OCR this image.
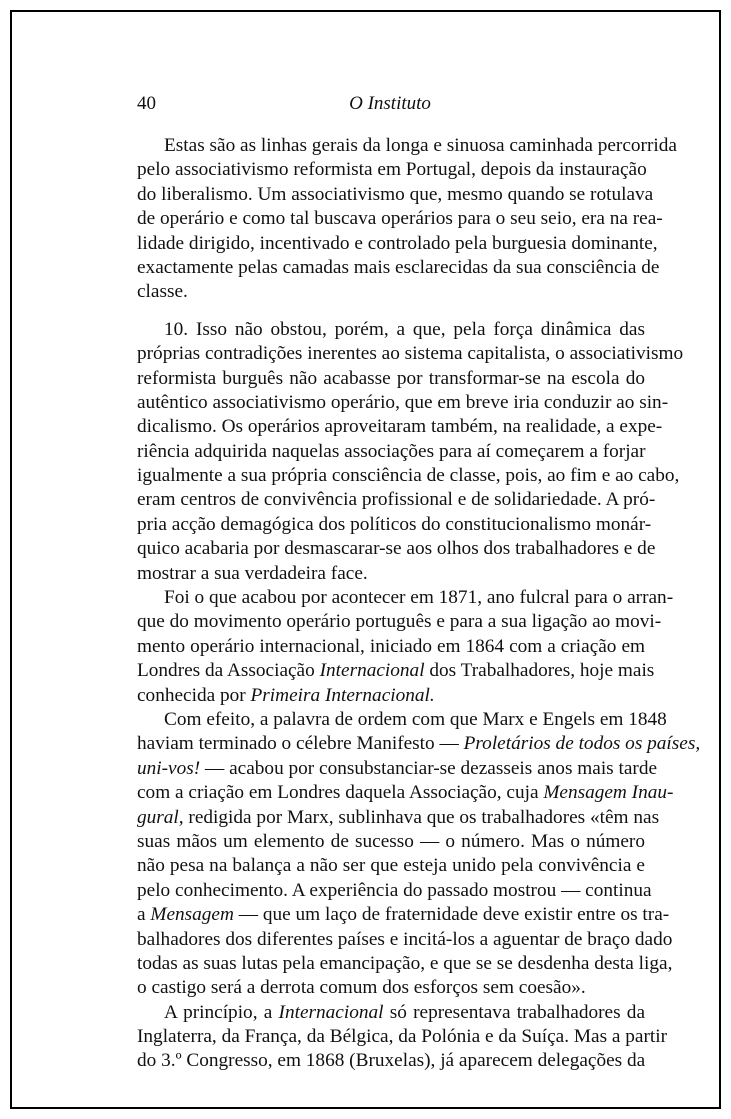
40	O Instituto
Estas são as linhas gerais da longa e sinuosa caminhada percorrida
pelo associativismo reformista em Portugal, depois da instauração
do liberalismo. Um associativismo que, mesmo quando se rotulava
de operário e como tal buscava operários para o seu seio, era na rea-
lidade dirigido, incentivado e controlado pela burguesia dominante,
exactamente pelas camadas mais esclarecidas da sua consciência de
classe.
10. Isso não obstou, porém, a que, pela força dinâmica das
próprias contradições inerentes ao sistema capitalista, o associativismo
reformista burguês não acabasse por transformar-se na escola do
autêntico associativismo operário, que em breve iria conduzir ao sin-
dicalismo. Os operários aproveitaram também, na realidade, a expe-
riência adquirida naquelas associações para aí começarem a forjar
igualmente a sua própria consciência de classe, pois, ao fim e ao cabo,
eram centros de convivência profissional e de solidariedade. A pró-
pria acção demagógica dos políticos do constitucionalismo monár-
quico acabaria por desmascarar-se aos olhos dos trabalhadores e de
mostrar a sua verdadeira face.
Foi o que acabou por acontecer em 1871, ano fulcral para o arran-
que do movimento operário português e para a sua ligação ao movi-
mento operário internacional, iniciado em 1864 com a criação em
Londres da Associação Internacional dos Trabalhadores, hoje mais
conhecida por Primeira Internacional.
Com efeito, a palavra de ordem com que Marx e Engels em 1848
haviam terminado o célebre Manifesto — Proletários de todos os países,
uni-vos! — acabou por consubstanciar-se dezasseis anos mais tarde
com a criação em Londres daquela Associação, cuja Mensagem Inau-
gural, redigida por Marx, sublinhava que os trabalhadores «têm nas
suas mãos um elemento de sucesso — o número. Mas o número
não pesa na balança a não ser que esteja unido pela convivência e
pelo conhecimento. A experiência do passado mostrou — continua
a Mensagem — que um laço de fraternidade deve existir entre os tra-
balhadores dos diferentes países e incitá-los a aguentar de braço dado
todas as suas lutas pela emancipação, e que se se desdenha desta liga,
o castigo será a derrota comum dos esforços sem coesão».
A princípio, a Internacional só representava trabalhadores da
Inglaterra, da França, da Bélgica, da Polónia e da Suíça. Mas a partir
do 3.º Congresso, em 1868 (Bruxelas), já aparecem delegações da
